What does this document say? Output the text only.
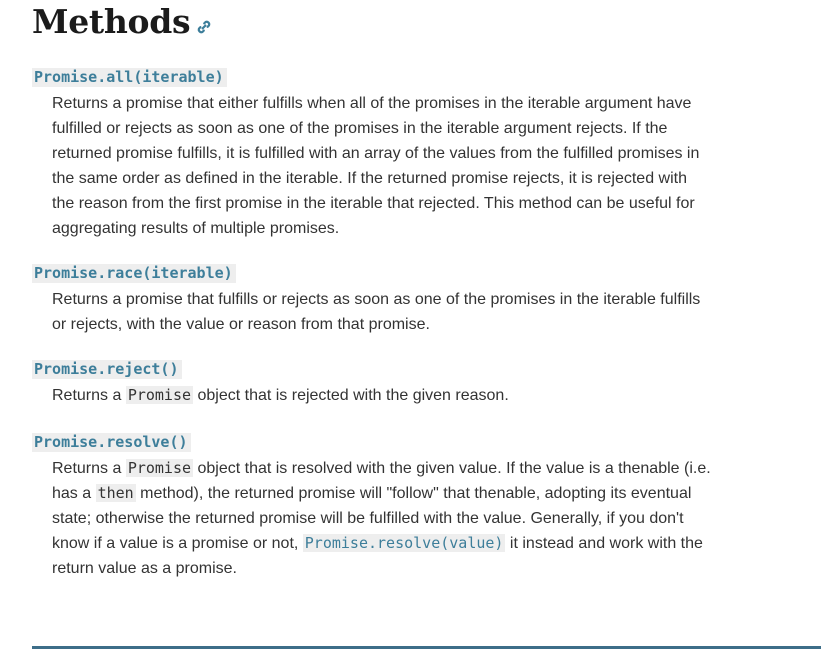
Methods
Promise.all(iterable)
Returns a promise that either fulfills when all of the promises in the iterable argument have fulfilled or rejects as soon as one of the promises in the iterable argument rejects. If the returned promise fulfills, it is fulfilled with an array of the values from the fulfilled promises in the same order as defined in the iterable. If the returned promise rejects, it is rejected with the reason from the first promise in the iterable that rejected. This method can be useful for aggregating results of multiple promises.
Promise.race(iterable)
Returns a promise that fulfills or rejects as soon as one of the promises in the iterable fulfills or rejects, with the value or reason from that promise.
Promise.reject()
Returns a Promise object that is rejected with the given reason.
Promise.resolve()
Returns a Promise object that is resolved with the given value. If the value is a thenable (i.e. has a then method), the returned promise will "follow" that thenable, adopting its eventual state; otherwise the returned promise will be fulfilled with the value. Generally, if you don't know if a value is a promise or not, Promise.resolve(value) it instead and work with the return value as a promise.
